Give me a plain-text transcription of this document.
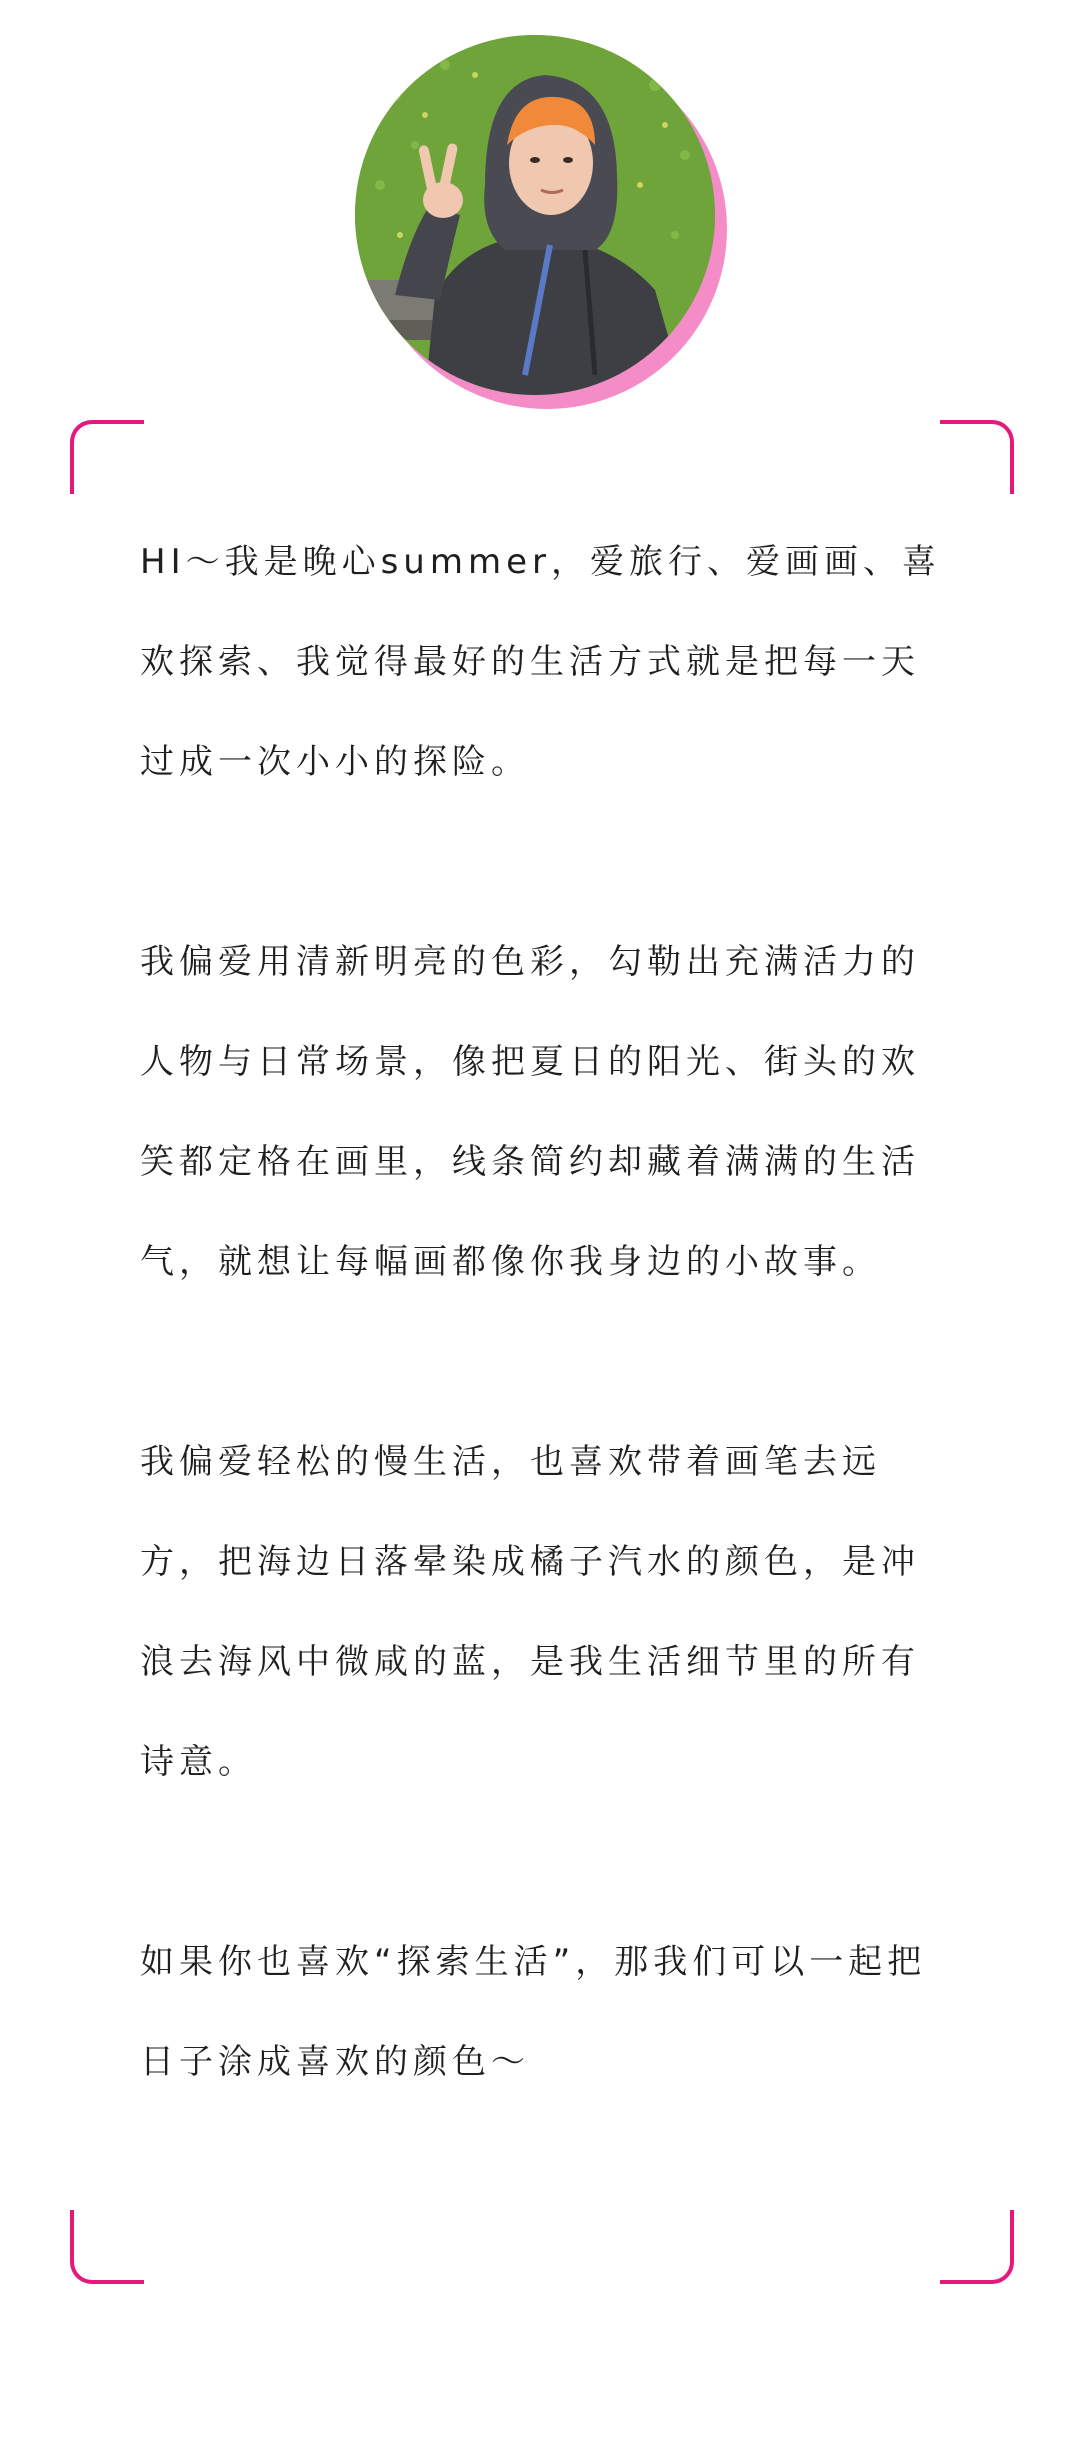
HI～我是晚心summer，爱旅行、爱画画、喜欢探索、我觉得最好的生活方式就是把每一天过成一次小小的探险。

我偏爱用清新明亮的色彩，勾勒出充满活力的人物与日常场景，像把夏日的阳光、街头的欢笑都定格在画里，线条简约却藏着满满的生活气，就想让每幅画都像你我身边的小故事。

我偏爱轻松的慢生活，也喜欢带着画笔去远方，把海边日落晕染成橘子汽水的颜色，是冲浪去海风中微咸的蓝，是我生活细节里的所有诗意。

如果你也喜欢“探索生活”，那我们可以一起把日子涂成喜欢的颜色～
